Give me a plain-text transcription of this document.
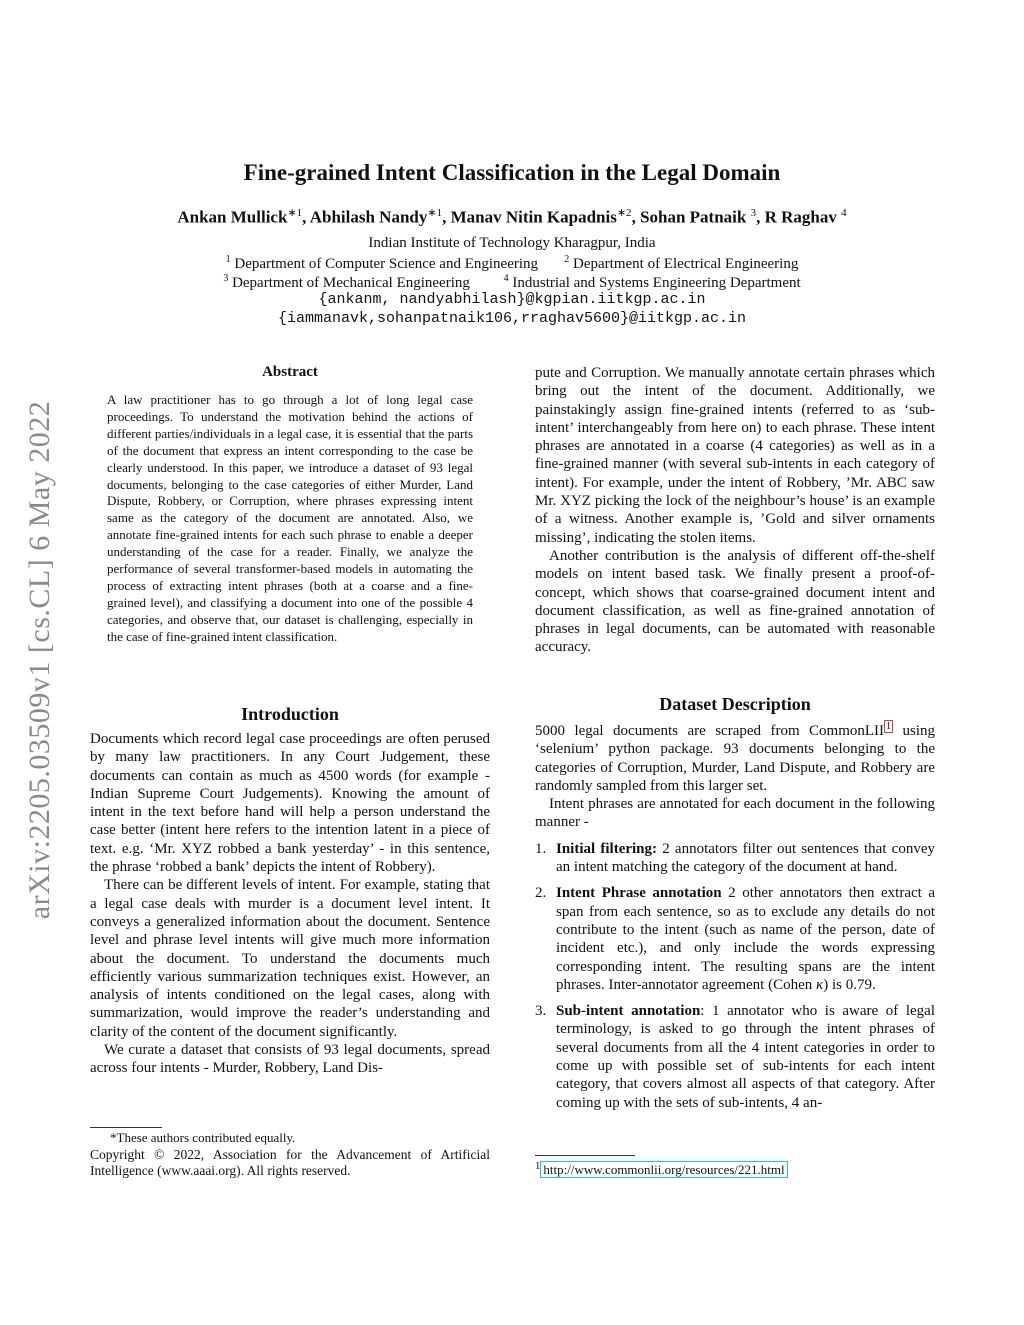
arXiv:2205.03509v1 [cs.CL] 6 May 2022
Fine-grained Intent Classification in the Legal Domain
Ankan Mullick$^{∗1}$, Abhilash Nandy$^{∗1}$, Manav Nitin Kapadnis$^{∗2}$, Sohan Patnaik $^3$, R Raghav $^4$
Indian Institute of Technology Kharagpur, India
$^1$ Department of Computer Science and Engineering	$^2$ Department of Electrical Engineering
$^3$ Department of Mechanical Engineering	$^4$ Industrial and Systems Engineering Department
{ankanm, nandyabhilash}@kgpian.iitkgp.ac.in
{iammanavk,sohanpatnaik106,rraghav5600}@iitkgp.ac.in
Abstract
A law practitioner has to go through a lot of long legal case proceedings. To understand the motivation behind the actions of different parties/individuals in a legal case, it is essential that the parts of the document that express an intent corresponding to the case be clearly understood. In this paper, we introduce a dataset of 93 legal documents, belonging to the case categories of either Murder, Land Dispute, Robbery, or Corruption, where phrases expressing intent same as the category of the document are annotated. Also, we annotate fine-grained intents for each such phrase to enable a deeper understanding of the case for a reader. Finally, we analyze the performance of several transformer-based models in automating the process of extracting intent phrases (both at a coarse and a fine-grained level), and classifying a document into one of the possible 4 categories, and observe that, our dataset is challenging, especially in the case of fine-grained intent classification.
Introduction

Documents which record legal case proceedings are often perused by many law practitioners. In any Court Judgement, these documents can contain as much as 4500 words (for example - Indian Supreme Court Judgements). Knowing the amount of intent in the text before hand will help a person understand the case better (intent here refers to the intention latent in a piece of text. e.g. ‘Mr. XYZ robbed a bank yesterday’ - in this sentence, the phrase ‘robbed a bank’ depicts the intent of Robbery).

There can be different levels of intent. For example, stating that a legal case deals with murder is a document level intent. It conveys a generalized information about the document. Sentence level and phrase level intents will give much more information about the document. To understand the documents much efficiently various summarization techniques exist. However, an analysis of intents conditioned on the legal cases, along with summarization, would improve the reader’s understanding and clarity of the content of the document significantly.

We curate a dataset that consists of 93 legal documents, spread across four intents - Murder, Robbery, Land Dis-

*These authors contributed equally.
Copyright © 2022, Association for the Advancement of Artificial Intelligence (www.aaai.org). All rights reserved.

pute and Corruption. We manually annotate certain phrases which bring out the intent of the document. Additionally, we painstakingly assign fine-grained intents (referred to as ‘sub-intent’ interchangeably from here on) to each phrase. These intent phrases are annotated in a coarse (4 categories) as well as in a fine-grained manner (with several sub-intents in each category of intent). For example, under the intent of Robbery, ’Mr. ABC saw Mr. XYZ picking the lock of the neighbour’s house’ is an example of a witness. Another example is, ’Gold and silver ornaments missing’, indicating the stolen items.

Another contribution is the analysis of different off-the-shelf models on intent based task. We finally present a proof-of-concept, which shows that coarse-grained document intent and document classification, as well as fine-grained annotation of phrases in legal documents, can be automated with reasonable accuracy.

Dataset Description

5000 legal documents are scraped from CommonLII $^1$ using ‘selenium’ python package. 93 documents belonging to the categories of Corruption, Murder, Land Dispute, and Robbery are randomly sampled from this larger set.

Intent phrases are annotated for each document in the following manner -

1. Initial filtering: 2 annotators filter out sentences that convey an intent matching the category of the document at hand.
2. Intent Phrase annotation 2 other annotators then extract a span from each sentence, so as to exclude any details do not contribute to the intent (such as name of the person, date of incident etc.), and only include the words expressing corresponding intent. The resulting spans are the intent phrases. Inter-annotator agreement (Cohen κ) is 0.79.
3. Sub-intent annotation: 1 annotator who is aware of legal terminology, is asked to go through the intent phrases of several documents from all the 4 intent categories in order to come up with possible set of sub-intents for each intent category, that covers almost all aspects of that category. After coming up with the sets of sub-intents, 4 an-
$^1$ http://www.commonlii.org/resources/221.html
